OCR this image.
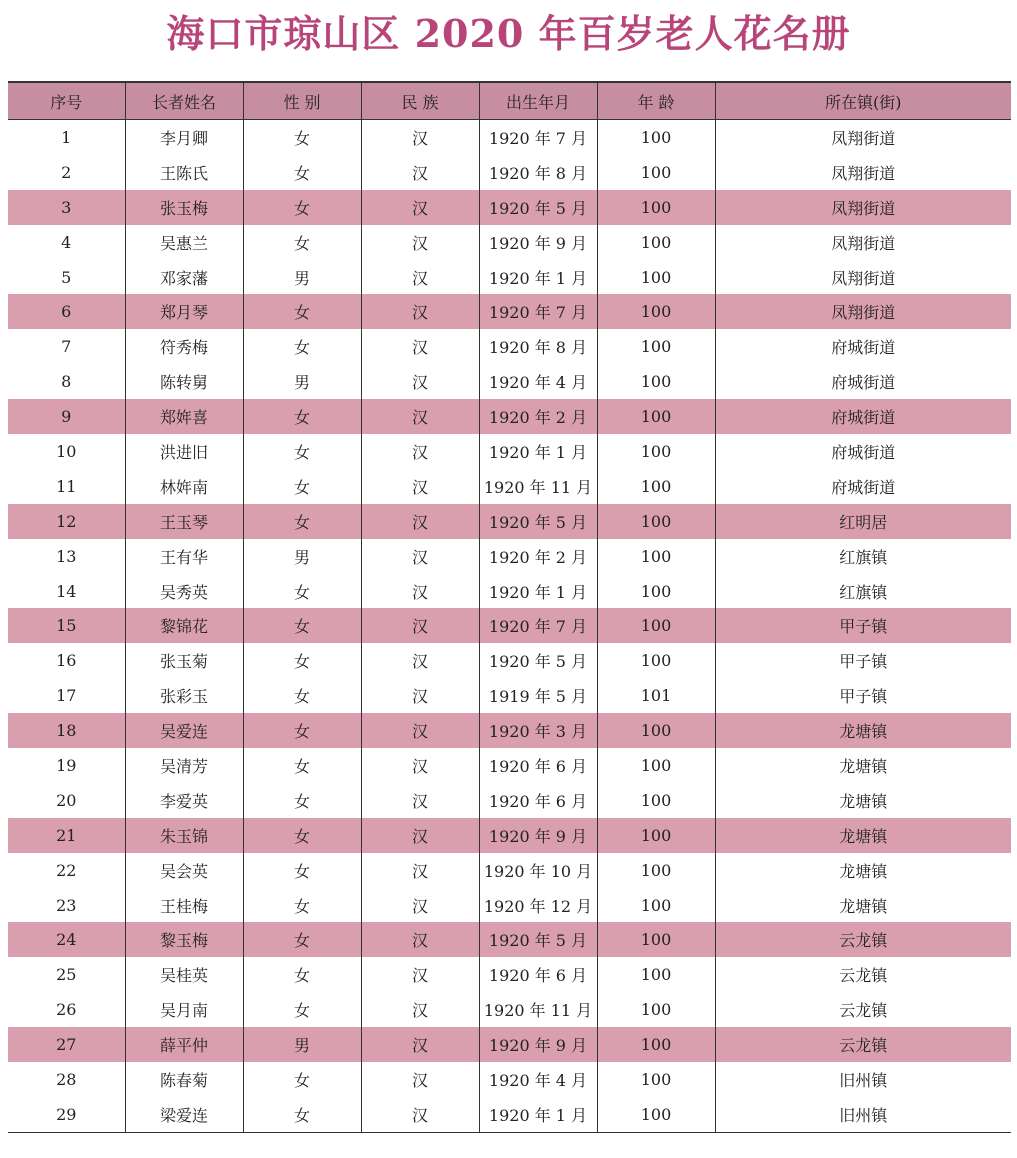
海口市琼山区 2020 年百岁老人花名册
序号	长者姓名	性 别	民 族	出生年月	年 龄	所在镇(街)
1	李月卿	女	汉	1920 年 7 月	100	凤翔街道
2	王陈氏	女	汉	1920 年 8 月	100	凤翔街道
3	张玉梅	女	汉	1920 年 5 月	100	凤翔街道
4	吴惠兰	女	汉	1920 年 9 月	100	凤翔街道
5	邓家藩	男	汉	1920 年 1 月	100	凤翔街道
6	郑月琴	女	汉	1920 年 7 月	100	凤翔街道
7	符秀梅	女	汉	1920 年 8 月	100	府城街道
8	陈转舅	男	汉	1920 年 4 月	100	府城街道
9	郑姩喜	女	汉	1920 年 2 月	100	府城街道
10	洪进旧	女	汉	1920 年 1 月	100	府城街道
11	林姩南	女	汉	1920 年 11 月	100	府城街道
12	王玉琴	女	汉	1920 年 5 月	100	红明居
13	王有华	男	汉	1920 年 2 月	100	红旗镇
14	吴秀英	女	汉	1920 年 1 月	100	红旗镇
15	黎锦花	女	汉	1920 年 7 月	100	甲子镇
16	张玉菊	女	汉	1920 年 5 月	100	甲子镇
17	张彩玉	女	汉	1919 年 5 月	101	甲子镇
18	吴爱连	女	汉	1920 年 3 月	100	龙塘镇
19	吴清芳	女	汉	1920 年 6 月	100	龙塘镇
20	李爱英	女	汉	1920 年 6 月	100	龙塘镇
21	朱玉锦	女	汉	1920 年 9 月	100	龙塘镇
22	吴会英	女	汉	1920 年 10 月	100	龙塘镇
23	王桂梅	女	汉	1920 年 12 月	100	龙塘镇
24	黎玉梅	女	汉	1920 年 5 月	100	云龙镇
25	吴桂英	女	汉	1920 年 6 月	100	云龙镇
26	吴月南	女	汉	1920 年 11 月	100	云龙镇
27	薛平仲	男	汉	1920 年 9 月	100	云龙镇
28	陈春菊	女	汉	1920 年 4 月	100	旧州镇
29	梁爱连	女	汉	1920 年 1 月	100	旧州镇
